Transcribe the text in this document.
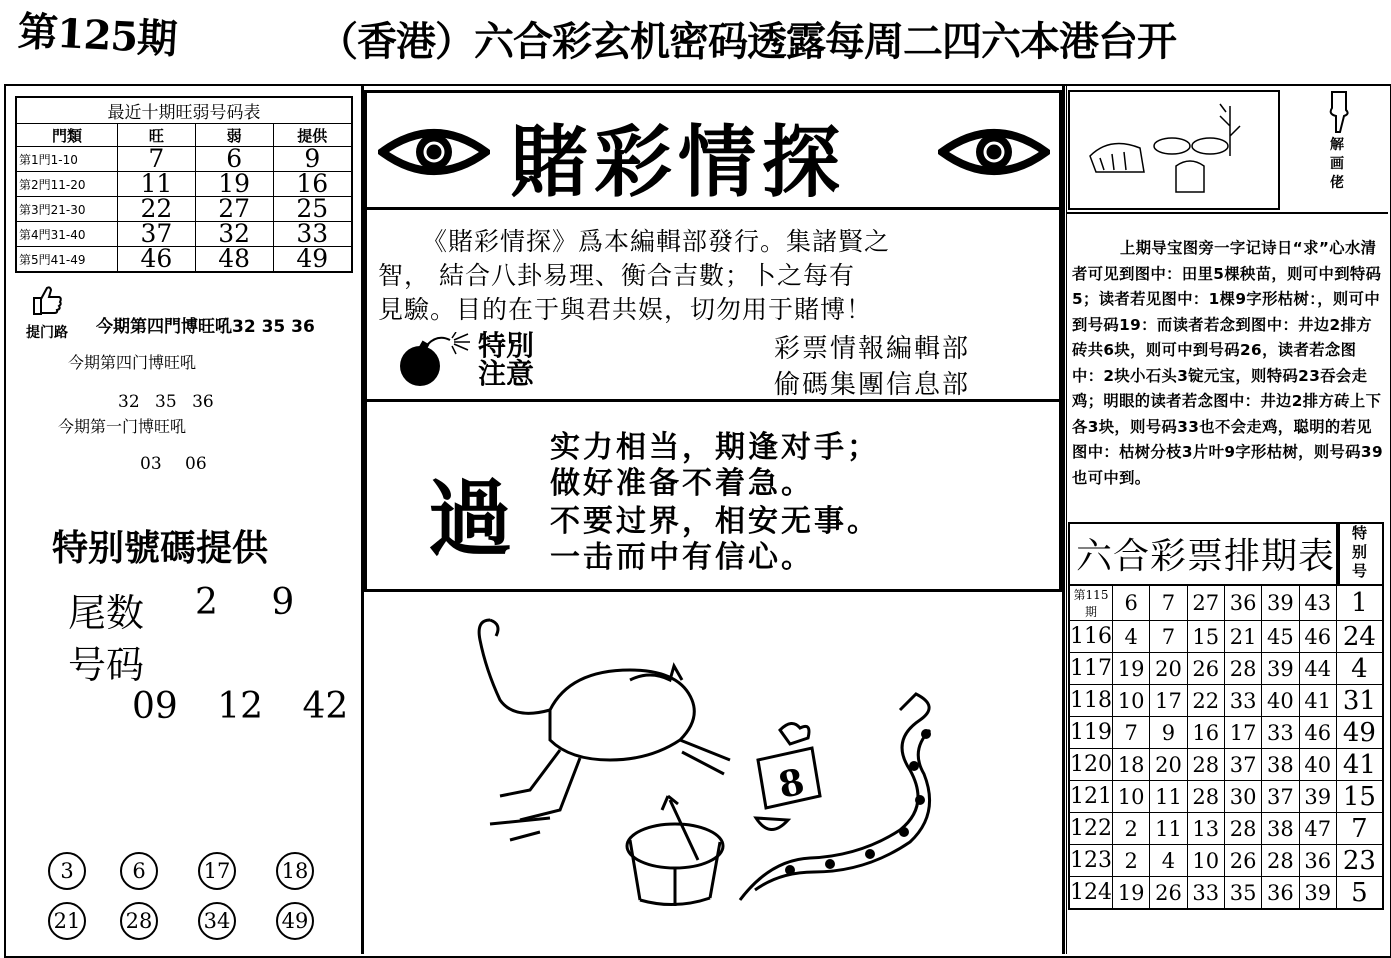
第125期	（香港）六合彩玄机密码透露每周二四六本港台开
最近十期旺弱号码表			
門類	旺	弱	提供
第1門1-10	7	6	9
第2門11-20	11	19	16
第3門21-30	22	27	25
第4門31-40	37	32	33
第5門41-49	46	48	49
提门路 今期第四門博旺吼32 35 36
今期第四门博旺吼
32 35 36
今期第一门博旺吼
03 06
特别號碼提供
尾数 2 9
号码
09 12 42
3	6	17 18
21 28 34 49
賭彩情探
《賭彩情探》爲本編輯部發行。集諸賢之
智， 結合八卦易理、衡合吉數；卜之每有
見驗。目的在于與君共娱，切勿用于賭博！
特別注意
彩票情報編輯部
偷碼集團信息部
過
实力相当，期逢对手；
做好准备不着急。
不要过界，相安无事。
一击而中有信心。
8
解画佬
上期导宝图旁一字记诗日“求”心水清者可见到图中：田里5棵秧苗，则可中到特码5；读者若见图中：1棵9字形枯树：，则可中到号码19：而读者若念到图中：井边2排方砖共6块，则可中到号码26，读者若念图中：2块小石头3锭元宝，则特码23吞会走鸡；明眼的读者若念图中：井边2排方砖上下各3块，则号码33也不会走鸡，聪明的若见图中：枯树分枝3片叶9字形枯树，则号码39也可中到。
六合彩票排期表
特别号
第115期	6	7	27	36	39	43	1
116	4	7	15	21	45	46	24
117	19	20	26	28	39	44	4
118	10	17	22	33	40	41	31
119	7	9	16	17	33	46	49
120	18	20	28	37	38	40	41
121	10	11	28	30	37	39	15
122	2	11	13	28	38	47	7
123	2	4	10	26	28	36	23
124	19	26	33	35	36	39	5
